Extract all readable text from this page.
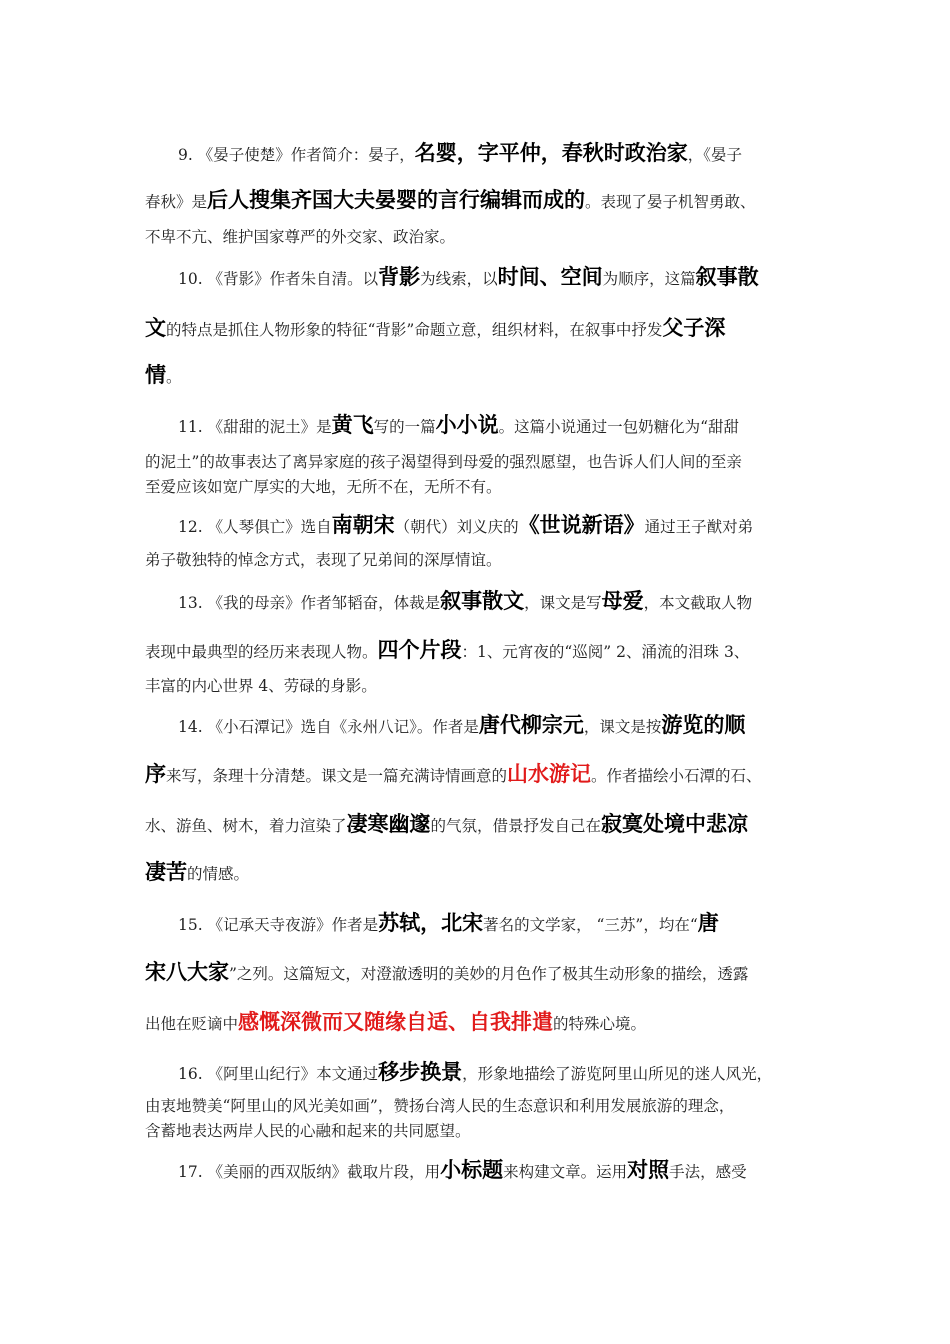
9. 《晏子使楚》作者简介：晏子，名婴，字平仲，春秋时政治家，《晏子
春秋》是后人搜集齐国大夫晏婴的言行编辑而成的。表现了晏子机智勇敢、
不卑不亢、维护国家尊严的外交家、政治家。
10. 《背影》作者朱自清。以背影为线索，以时间、空间为顺序，这篇叙事散
文的特点是抓住人物形象的特征“背影”命题立意，组织材料，在叙事中抒发父子深
情。
11. 《甜甜的泥土》是黄飞写的一篇小小说。这篇小说通过一包奶糖化为“甜甜
的泥土”的故事表达了离异家庭的孩子渴望得到母爱的强烈愿望，也告诉人们人间的至亲
至爱应该如宽广厚实的大地，无所不在，无所不有。
12. 《人琴俱亡》选自南朝宋（朝代）刘义庆的《世说新语》通过王子猷对弟
弟子敬独特的悼念方式，表现了兄弟间的深厚情谊。
13. 《我的母亲》作者邹韬奋，体裁是叙事散文，课文是写母爱，本文截取人物
表现中最典型的经历来表现人物。四个片段：1、元宵夜的“巡阅” 2、涌流的泪珠 3、
丰富的内心世界 4、劳碌的身影。
14. 《小石潭记》选自《永州八记》。作者是唐代柳宗元，课文是按游览的顺
序来写，条理十分清楚。课文是一篇充满诗情画意的山水游记。作者描绘小石潭的石、
水、游鱼、树木，着力渲染了凄寒幽邃的气氛，借景抒发自己在寂寞处境中悲凉
凄苦的情感。
15. 《记承天寺夜游》作者是苏轼，北宋著名的文学家， “三苏”，均在“唐
宋八大家”之列。这篇短文，对澄澈透明的美妙的月色作了极其生动形象的描绘，透露
出他在贬谪中感慨深微而又随缘自适、自我排遣的特殊心境。
16. 《阿里山纪行》本文通过移步换景，形象地描绘了游览阿里山所见的迷人风光，
由衷地赞美“阿里山的风光美如画”，赞扬台湾人民的生态意识和利用发展旅游的理念，
含蓄地表达两岸人民的心融和起来的共同愿望。
17. 《美丽的西双版纳》截取片段，用小标题来构建文章。运用对照手法，感受
